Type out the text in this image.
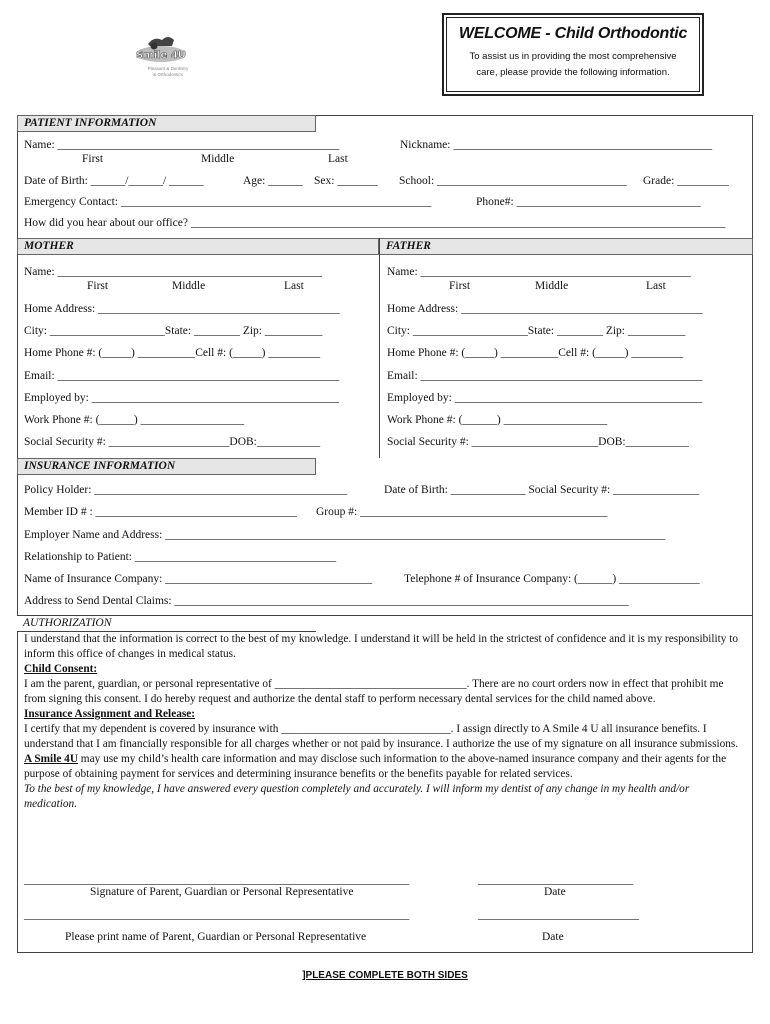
Smile 4U
Pleasant & Dentistry
& Orthodontics
WELCOME - Child Orthodontic

To assist us in providing the most comprehensive
care, please provide the following information.

PATIENT INFORMATION
Name: _________________________________________________	Nickname: _____________________________________________
First	Middle	Last
Date of Birth: ______/______/ ______	Age: ______ Sex: _______ School: _________________________________ Grade: _________
Emergency Contact: ______________________________________________________	Phone#: ________________________________
How did you hear about our office? _____________________________________________________________________________________________
MOTHER	FATHER
Name: ______________________________________________
First	Middle	Last
Home Address: __________________________________________
City: ____________________State: ________ Zip: __________
Home Phone #: (_____) __________Cell #: (_____) _________
Email: _________________________________________________
Employed by: ___________________________________________
Work Phone #: (______) __________________
Social Security #: _____________________DOB:___________
Name: _______________________________________________
First	Middle	Last
Home Address: __________________________________________
City: ____________________State: ________ Zip: __________
Home Phone #: (_____) __________Cell #: (_____) _________
Email: _________________________________________________
Employed by: ___________________________________________
Work Phone #: (______) __________________
Social Security #: ______________________DOB:___________
INSURANCE INFORMATION
Policy Holder: ____________________________________________	Date of Birth: _____________ Social Security #: _______________
Member ID # : ___________________________________ Group #: ___________________________________________
Employer Name and Address: _______________________________________________________________________________________
Relationship to Patient: ___________________________________
Name of Insurance Company: ____________________________________	Telephone # of Insurance Company: (______) ______________
Address to Send Dental Claims: _______________________________________________________________________________
AUTHORIZATION
I understand that the information is correct to the best of my knowledge. I understand it will be held in the strictest of confidence and it is my responsibility to inform this office of changes in medical status.
Child Consent:
I am the parent, guardian, or personal representative of __________________________________. There are no court orders now in effect that prohibit me from signing this consent. I do hereby request and authorize the dental staff to perform necessary dental services for the child named above.
Insurance Assignment and Release:
I certify that my dependent is covered by insurance with ______________________________. I assign directly to A Smile 4 U all insurance benefits. I understand that I am financially responsible for all charges whether or not paid by insurance. I authorize the use of my signature on all insurance submissions.
A Smile 4U may use my child’s health care information and may disclose such information to the above-named insurance company and their agents for the purpose of obtaining payment for services and determining insurance benefits or the benefits payable for related services.
To the best of my knowledge, I have answered every question completely and accurately. I will inform my dentist of any change in my health and/or medication.
___________________________________________________________________	___________________________
Signature of Parent, Guardian or Personal Representative	Date
___________________________________________________________________	____________________________
Please print name of Parent, Guardian or Personal Representative	Date
]PLEASE COMPLETE BOTH SIDES
